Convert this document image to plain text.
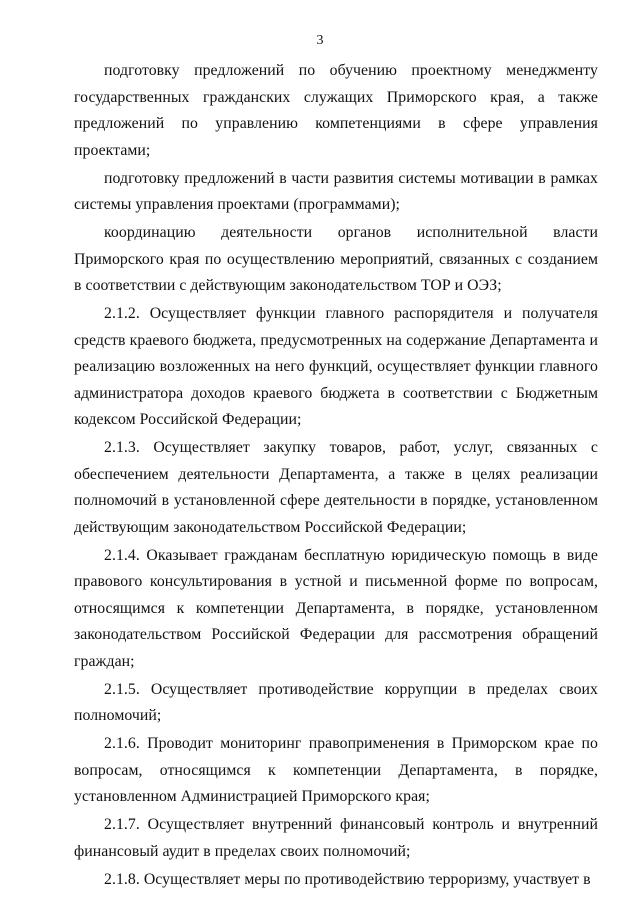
3

подготовку предложений по обучению проектному менеджменту государственных гражданских служащих Приморского края, а также предложений по управлению компетенциями в сфере управления проектами;

подготовку предложений в части развития системы мотивации в рамках системы управления проектами (программами);

координацию деятельности органов исполнительной власти Приморского края по осуществлению мероприятий, связанных с созданием в соответствии с действующим законодательством ТОР и ОЭЗ;

2.1.2. Осуществляет функции главного распорядителя и получателя средств краевого бюджета, предусмотренных на содержание Департамента и реализацию возложенных на него функций, осуществляет функции главного администратора доходов краевого бюджета в соответствии с Бюджетным кодексом Российской Федерации;

2.1.3. Осуществляет закупку товаров, работ, услуг, связанных с обеспечением деятельности Департамента, а также в целях реализации полномочий в установленной сфере деятельности в порядке, установленном действующим законодательством Российской Федерации;

2.1.4. Оказывает гражданам бесплатную юридическую помощь в виде правового консультирования в устной и письменной форме по вопросам, относящимся к компетенции Департамента, в порядке, установленном законодательством Российской Федерации для рассмотрения обращений граждан;

2.1.5. Осуществляет противодействие коррупции в пределах своих полномочий;

2.1.6. Проводит мониторинг правоприменения в Приморском крае по вопросам, относящимся к компетенции Департамента, в порядке, установленном Администрацией Приморского края;

2.1.7. Осуществляет внутренний финансовый контроль и внутренний финансовый аудит в пределах своих полномочий;

2.1.8. Осуществляет меры по противодействию терроризму, участвует в
